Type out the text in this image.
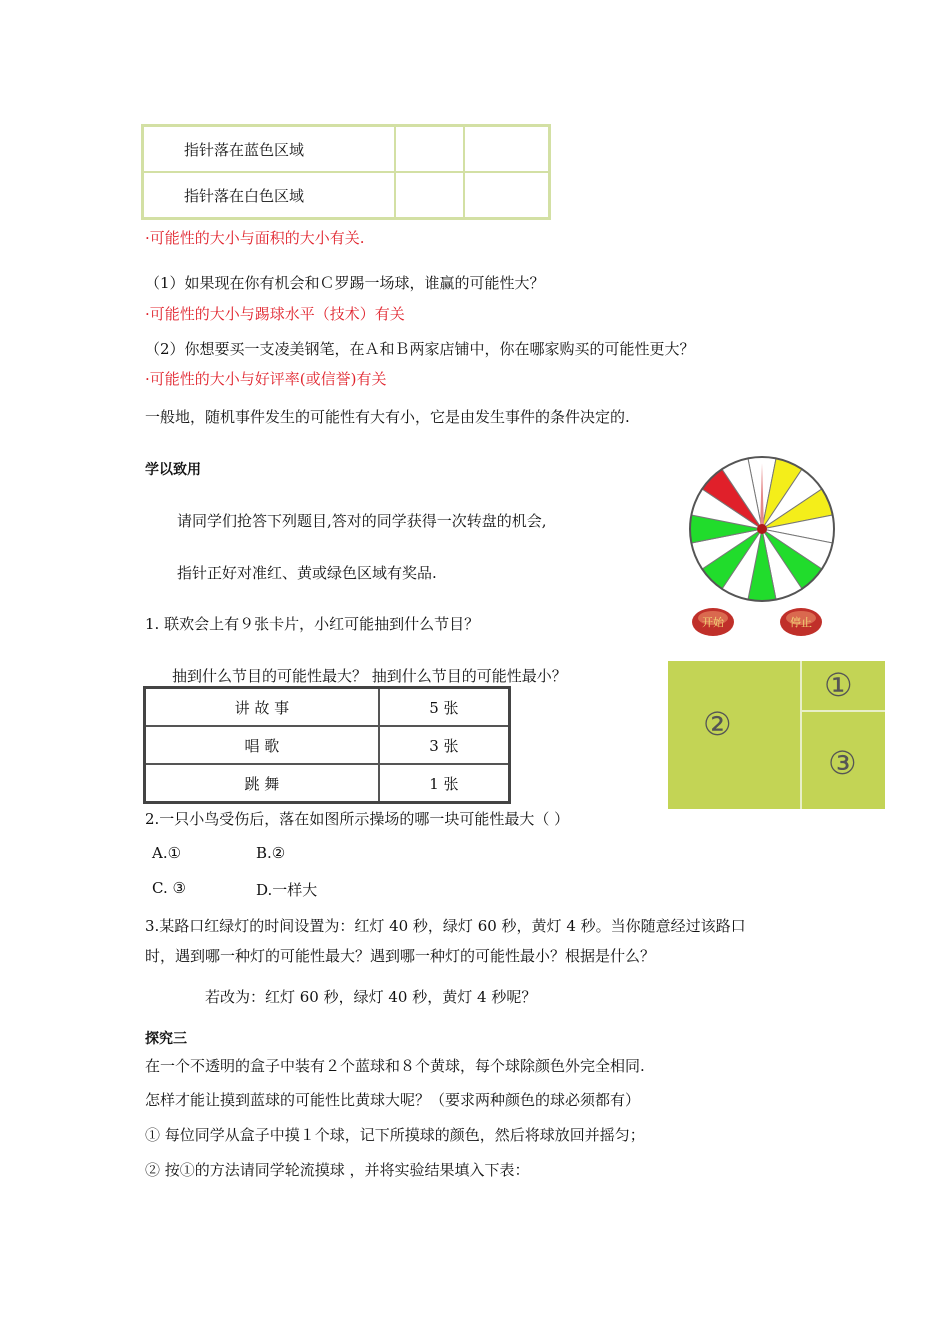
指针落在蓝色区域		
指针落在白色区域		
·可能性的大小与面积的大小有关.
（1）如果现在你有机会和Ｃ罗踢一场球，谁赢的可能性大？
·可能性的大小与踢球水平（技术）有关
（2）你想要买一支凌美钢笔，在Ａ和Ｂ两家店铺中，你在哪家购买的可能性更大？
·可能性的大小与好评率(或信誉)有关
一般地，随机事件发生的可能性有大有小，它是由发生事件的条件决定的.
学以致用
请同学们抢答下列题目,答对的同学获得一次转盘的机会,
指针正好对准红、黄或绿色区域有奖品.
1. 联欢会上有９张卡片，小红可能抽到什么节目？
抽到什么节目的可能性最大？ 抽到什么节目的可能性最小？
开始	停止
讲 故 事	5 张
唱 歌	3 张
跳 舞	1 张
②
①
③
2.一只小鸟受伤后，落在如图所示操场的哪一块可能性最大（ ）
A.①	B.②
C. ③	D.一样大
3.某路口红绿灯的时间设置为：红灯 40 秒，绿灯 60 秒，黄灯 4 秒。当你随意经过该路口
时，遇到哪一种灯的可能性最大？遇到哪一种灯的可能性最小？根据是什么？
若改为：红灯 60 秒，绿灯 40 秒，黄灯 4 秒呢？
探究三
在一个不透明的盒子中装有２个蓝球和８个黄球，每个球除颜色外完全相同.
怎样才能让摸到蓝球的可能性比黄球大呢？（要求两种颜色的球必须都有）
① 每位同学从盒子中摸１个球，记下所摸球的颜色，然后将球放回并摇匀；
② 按①的方法请同学轮流摸球 ，并将实验结果填入下表：
